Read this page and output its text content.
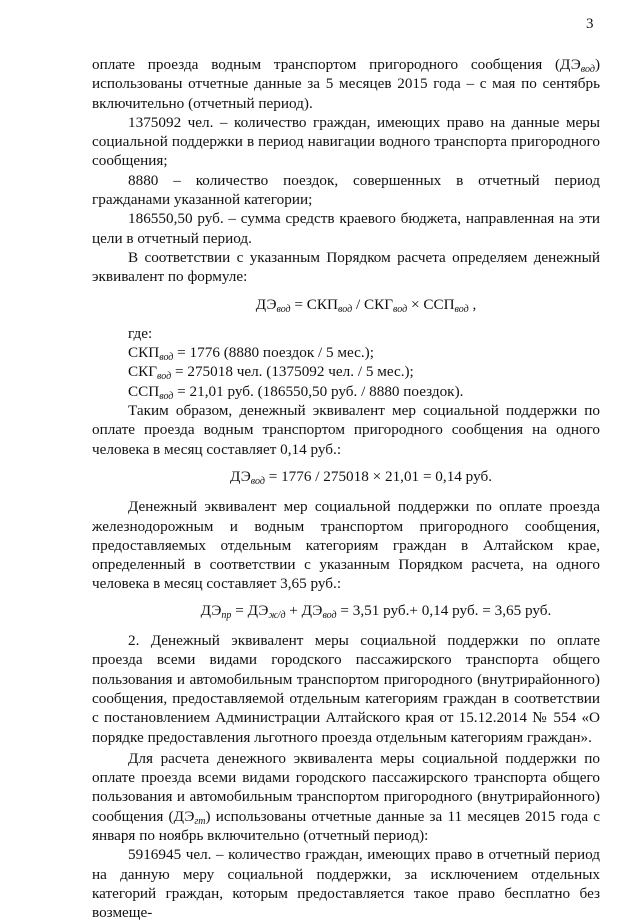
3

оплате проезда водным транспортом пригородного сообщения $(ДЭ_{вод})$ использованы отчетные данные за 5 месяцев 2015 года – с мая по сентябрь включительно (отчетный период).

1375092 чел. – количество граждан, имеющих право на данные меры социальной поддержки в период навигации водного транспорта пригородного сообщения;

8880 – количество поездок, совершенных в отчетный период гражданами указанной категории;

186550,50 руб. – сумма средств краевого бюджета, направленная на эти цели в отчетный период.

В соответствии с указанным Порядком расчета определяем денежный эквивалент по формуле:

$ДЭ_{вод} = СКП_{вод} / СКГ_{вод} \times ССП_{вод}$ ,

где:

$СКП_{вод} = 1776$ (8880 поездок / 5 мес.);

$СКГ_{вод} = 275018$ чел. (1375092 чел. / 5 мес.);

$ССП_{вод} = 21,01$ руб. (186550,50 руб. / 8880 поездок).

Таким образом, денежный эквивалент мер социальной поддержки по оплате проезда водным транспортом пригородного сообщения на одного человека в месяц составляет 0,14 руб.:

$ДЭ_{вод} = 1776 / 275018 \times 21,01 = 0,14$ руб.

Денежный эквивалент мер социальной поддержки по оплате проезда железнодорожным и водным транспортом пригородного сообщения, предоставляемых отдельным категориям граждан в Алтайском крае, определенный в соответствии с указанным Порядком расчета, на одного человека в месяц составляет 3,65 руб.:

$ДЭ_{пр} = ДЭ_{ж/д} + ДЭ_{вод} = 3,51$ руб.+ 0,14 руб. = 3,65 руб.

2. Денежный эквивалент меры социальной поддержки по оплате проезда всеми видами городского пассажирского транспорта общего пользования и автомобильным транспортом пригородного (внутрирайонного) сообщения, предоставляемой отдельным категориям граждан в соответствии с постановлением Администрации Алтайского края от 15.12.2014 № 554 «О порядке предоставления льготного проезда отдельным категориям граждан».

Для расчета денежного эквивалента меры социальной поддержки по оплате проезда всеми видами городского пассажирского транспорта общего пользования и автомобильным транспортом пригородного (внутрирайонного) сообщения $(ДЭ_{гт})$ использованы отчетные данные за 11 месяцев 2015 года с января по ноябрь включительно (отчетный период):

5916945 чел. – количество граждан, имеющих право в отчетный период на данную меру социальной поддержки, за исключением отдельных категорий граждан, которым предоставляется такое право бесплатно без возмеще-
